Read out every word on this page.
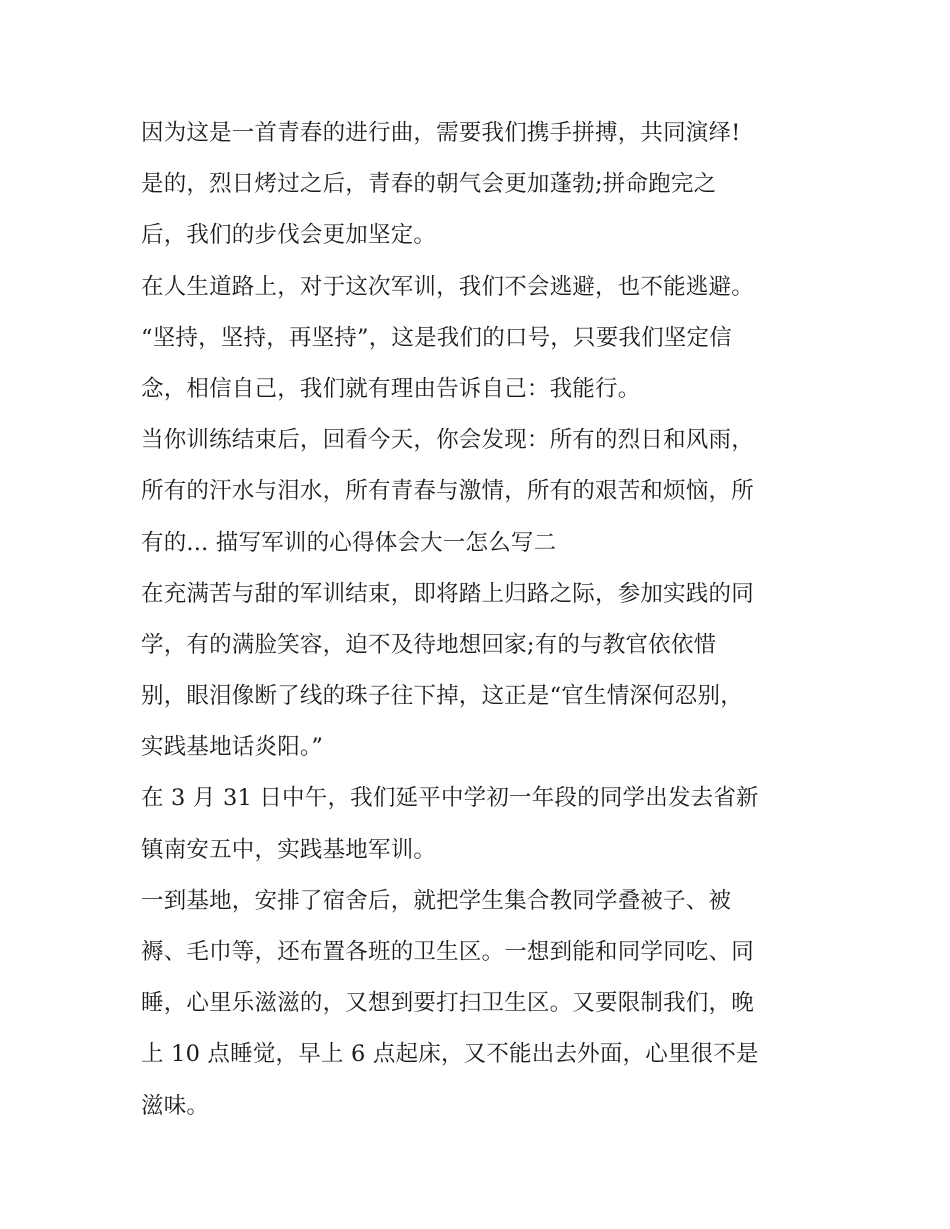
因为这是一首青春的进行曲，需要我们携手拼搏，共同演绎!
是的，烈日烤过之后，青春的朝气会更加蓬勃;拼命跑完之
后，我们的步伐会更加坚定。
在人生道路上，对于这次军训，我们不会逃避，也不能逃避。
“坚持，坚持，再坚持”，这是我们的口号，只要我们坚定信
念，相信自己，我们就有理由告诉自己：我能行。
当你训练结束后，回看今天，你会发现：所有的烈日和风雨，
所有的汗水与泪水，所有青春与激情，所有的艰苦和烦恼，所
有的... 描写军训的心得体会大一怎么写二
在充满苦与甜的军训结束，即将踏上归路之际，参加实践的同
学，有的满脸笑容，迫不及待地想回家;有的与教官依依惜
别，眼泪像断了线的珠子往下掉，这正是“官生情深何忍别，
实践基地话炎阳。”
在 3 月 31 日中午，我们延平中学初一年段的同学出发去省新
镇南安五中，实践基地军训。
一到基地，安排了宿舍后，就把学生集合教同学叠被子、被
褥、毛巾等，还布置各班的卫生区。一想到能和同学同吃、同
睡，心里乐滋滋的，又想到要打扫卫生区。又要限制我们，晚
上 10 点睡觉，早上 6 点起床，又不能出去外面，心里很不是
滋味。
